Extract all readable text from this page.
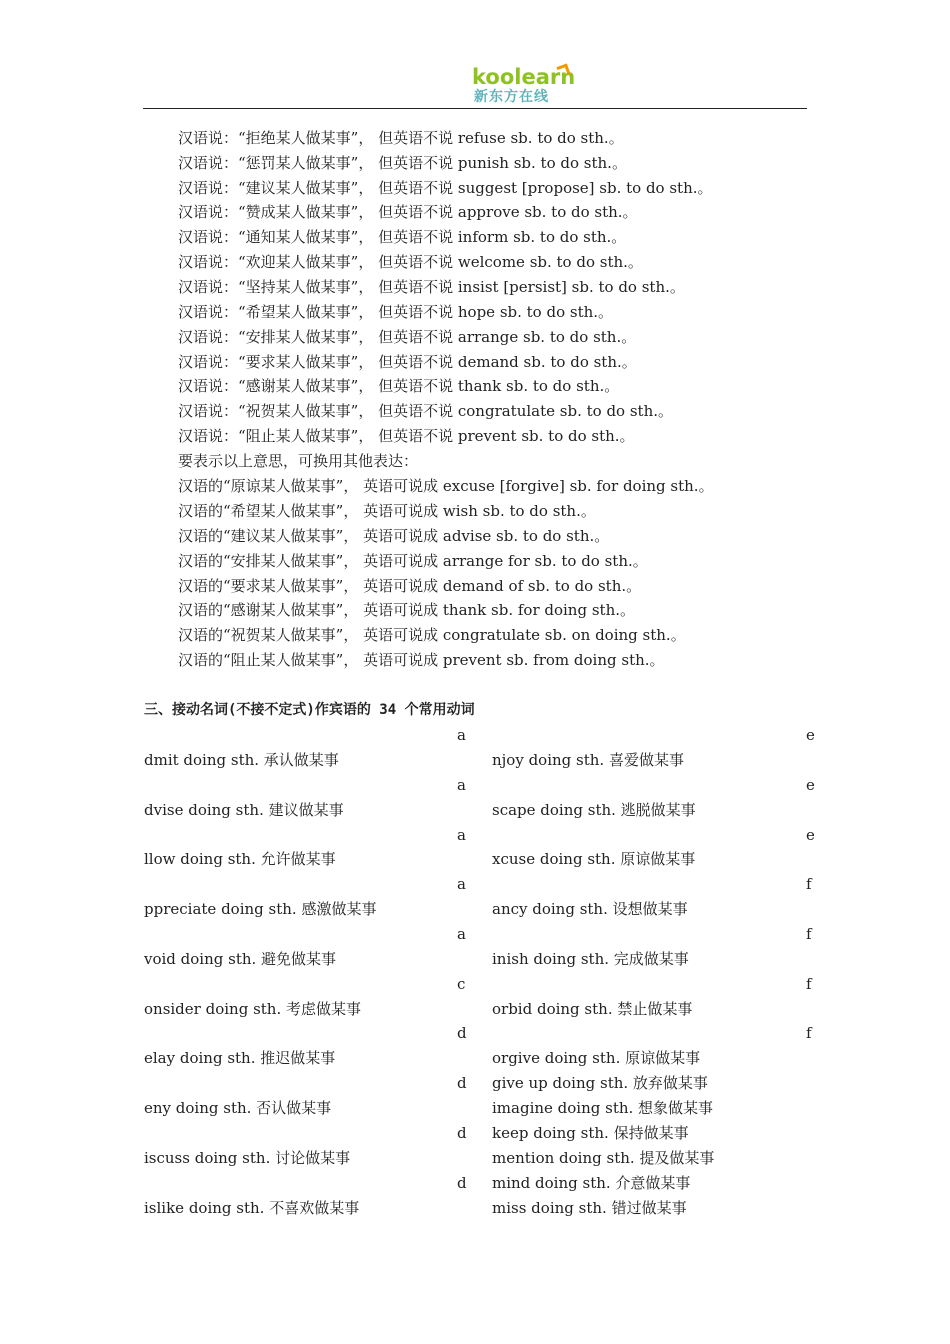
koolearn
新东方在线
汉语说：“拒绝某人做某事”， 但英语不说 refuse sb. to do sth.。
汉语说：“惩罚某人做某事”， 但英语不说 punish sb. to do sth.。
汉语说：“建议某人做某事”， 但英语不说 suggest [propose] sb. to do sth.。
汉语说：“赞成某人做某事”， 但英语不说 approve sb. to do sth.。
汉语说：“通知某人做某事”， 但英语不说 inform sb. to do sth.。
汉语说：“欢迎某人做某事”， 但英语不说 welcome sb. to do sth.。
汉语说：“坚持某人做某事”， 但英语不说 insist [persist] sb. to do sth.。
汉语说：“希望某人做某事”， 但英语不说 hope sb. to do sth.。
汉语说：“安排某人做某事”， 但英语不说 arrange sb. to do sth.。
汉语说：“要求某人做某事”， 但英语不说 demand sb. to do sth.。
汉语说：“感谢某人做某事”， 但英语不说 thank sb. to do sth.。
汉语说：“祝贺某人做某事”， 但英语不说 congratulate sb. to do sth.。
汉语说：“阻止某人做某事”， 但英语不说 prevent sb. to do sth.。
要表示以上意思，可换用其他表达：
汉语的“原谅某人做某事”， 英语可说成 excuse [forgive] sb. for doing sth.。
汉语的“希望某人做某事”， 英语可说成 wish sb. to do sth.。
汉语的“建议某人做某事”， 英语可说成 advise sb. to do sth.。
汉语的“安排某人做某事”， 英语可说成 arrange for sb. to do sth.。
汉语的“要求某人做某事”， 英语可说成 demand of sb. to do sth.。
汉语的“感谢某人做某事”， 英语可说成 thank sb. for doing sth.。
汉语的“祝贺某人做某事”， 英语可说成 congratulate sb. on doing sth.。
汉语的“阻止某人做某事”， 英语可说成 prevent sb. from doing sth.。
三、接动名词(不接不定式)作宾语的 34 个常用动词
a
a
a
a
a
c
d
d
d
d
e
e
e
f
f
f
f
dmit doing sth. 承认做某事
dvise doing sth. 建议做某事
llow doing sth. 允许做某事
ppreciate doing sth. 感激做某事
void doing sth. 避免做某事
onsider doing sth. 考虑做某事
elay doing sth. 推迟做某事
eny doing sth. 否认做某事
iscuss doing sth. 讨论做某事
islike doing sth. 不喜欢做某事
njoy doing sth. 喜爱做某事
scape doing sth. 逃脱做某事
xcuse doing sth. 原谅做某事
ancy doing sth. 设想做某事
inish doing sth. 完成做某事
orbid doing sth. 禁止做某事
orgive doing sth. 原谅做某事
give up doing sth. 放弃做某事
imagine doing sth. 想象做某事
keep doing sth. 保持做某事
mention doing sth. 提及做某事
mind doing sth. 介意做某事
miss doing sth. 错过做某事
